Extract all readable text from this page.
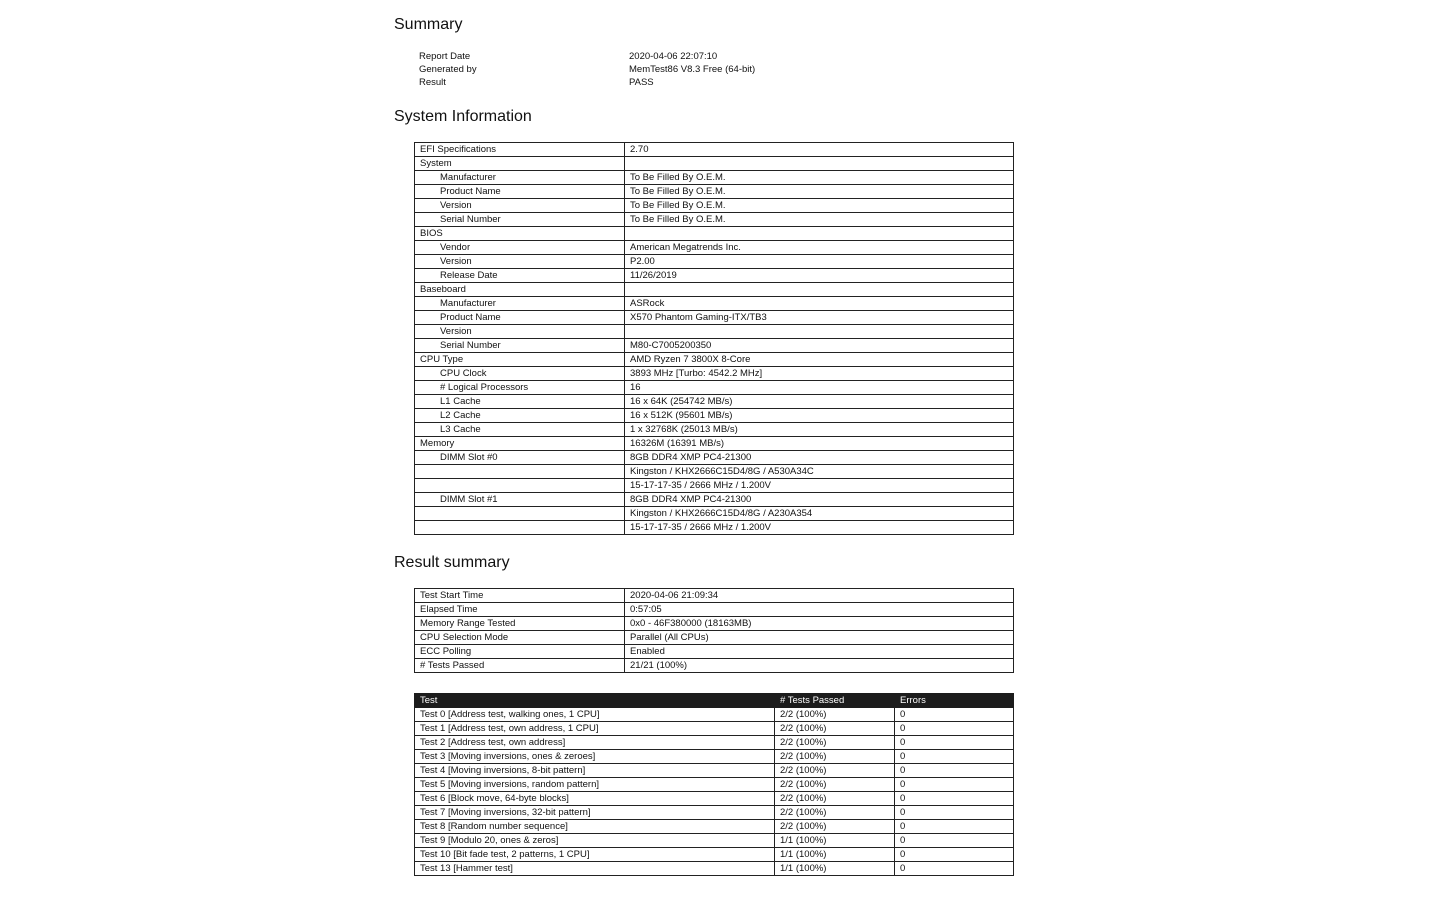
Summary
Report Date	2020-04-06 22:07:10
Generated by	MemTest86 V8.3 Free (64-bit)
Result	PASS
System Information
EFI Specifications	2.70
System	
Manufacturer	To Be Filled By O.E.M.
Product Name	To Be Filled By O.E.M.
Version	To Be Filled By O.E.M.
Serial Number	To Be Filled By O.E.M.
BIOS	
Vendor	American Megatrends Inc.
Version	P2.00
Release Date	11/26/2019
Baseboard	
Manufacturer	ASRock
Product Name	X570 Phantom Gaming-ITX/TB3
Version	
Serial Number	M80-C7005200350
CPU Type	AMD Ryzen 7 3800X 8-Core
CPU Clock	3893 MHz [Turbo: 4542.2 MHz]
# Logical Processors	16
L1 Cache	16 x 64K (254742 MB/s)
L2 Cache	16 x 512K (95601 MB/s)
L3 Cache	1 x 32768K (25013 MB/s)
Memory	16326M (16391 MB/s)
DIMM Slot #0	8GB DDR4 XMP PC4-21300
	Kingston / KHX2666C15D4/8G / A530A34C
	15-17-17-35 / 2666 MHz / 1.200V
DIMM Slot #1	8GB DDR4 XMP PC4-21300
	Kingston / KHX2666C15D4/8G / A230A354
	15-17-17-35 / 2666 MHz / 1.200V
Result summary
Test Start Time	2020-04-06 21:09:34
Elapsed Time	0:57:05
Memory Range Tested	0x0 - 46F380000 (18163MB)
CPU Selection Mode	Parallel (All CPUs)
ECC Polling	Enabled
# Tests Passed	21/21 (100%)
Test	# Tests Passed	Errors
Test 0 [Address test, walking ones, 1 CPU]	2/2 (100%)	0
Test 1 [Address test, own address, 1 CPU]	2/2 (100%)	0
Test 2 [Address test, own address]	2/2 (100%)	0
Test 3 [Moving inversions, ones & zeroes]	2/2 (100%)	0
Test 4 [Moving inversions, 8-bit pattern]	2/2 (100%)	0
Test 5 [Moving inversions, random pattern]	2/2 (100%)	0
Test 6 [Block move, 64-byte blocks]	2/2 (100%)	0
Test 7 [Moving inversions, 32-bit pattern]	2/2 (100%)	0
Test 8 [Random number sequence]	2/2 (100%)	0
Test 9 [Modulo 20, ones & zeros]	1/1 (100%)	0
Test 10 [Bit fade test, 2 patterns, 1 CPU]	1/1 (100%)	0
Test 13 [Hammer test]	1/1 (100%)	0
